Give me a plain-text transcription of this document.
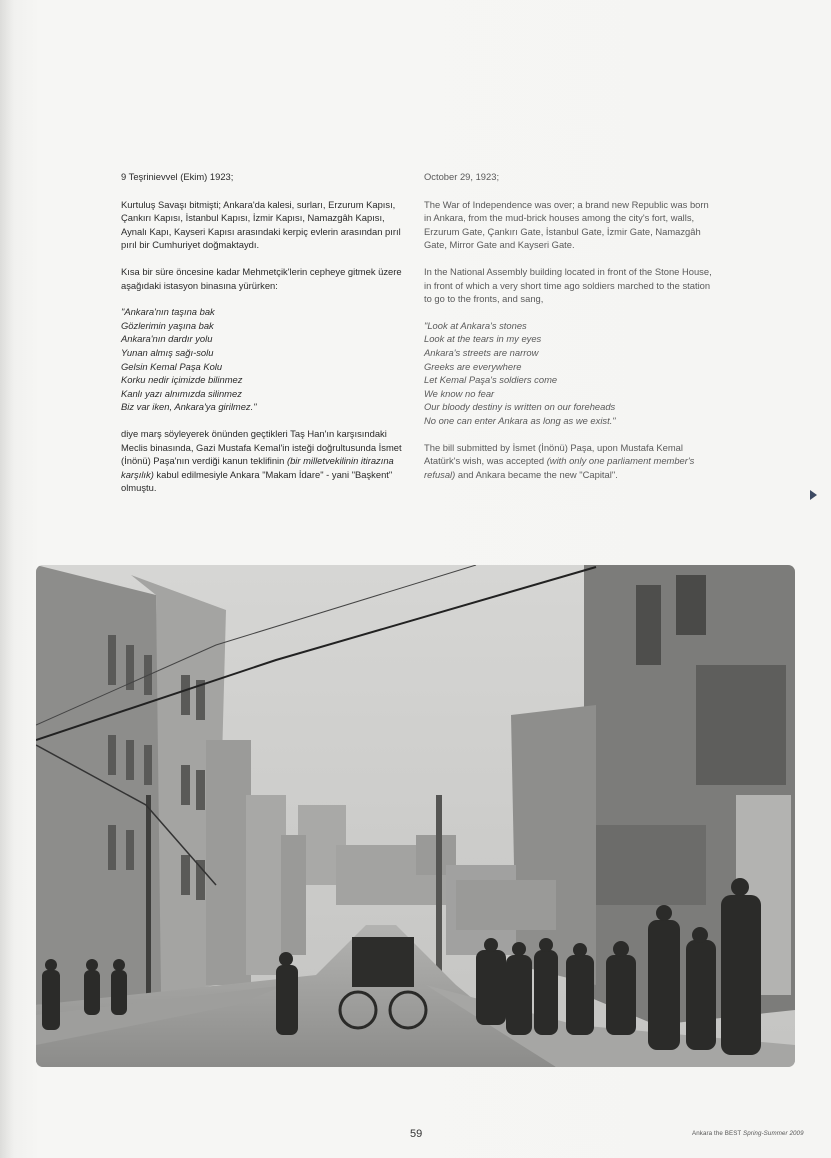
9 Teşrinievvel (Ekim) 1923;

Kurtuluş Savaşı bitmişti; Ankara'da kalesi, surları, Erzurum Kapısı, Çankırı Kapısı, İstanbul Kapısı, İzmir Kapısı, Namazgâh Kapısı, Aynalı Kapı, Kayseri Kapısı arasındaki kerpiç evlerin arasından pırıl pırıl bir Cumhuriyet doğmaktaydı.

Kısa bir süre öncesine kadar Mehmetçik'lerin cepheye gitmek üzere aşağıdaki istasyon binasına yürürken:

"Ankara'nın taşına bak
Gözlerimin yaşına bak
Ankara'nın dardır yolu
Yunan almış sağı-solu
Gelsin Kemal Paşa Kolu
Korku nedir içimizde bilinmez
Kanlı yazı alnımızda silinmez
Biz var iken, Ankara'ya girilmez."

diye marş söyleyerek önünden geçtikleri Taş Han'ın karşısındaki Meclis binasında, Gazi Mustafa Kemal'in isteği doğrultusunda İsmet (İnönü) Paşa'nın verdiği kanun teklifinin (bir milletvekilinin itirazına karşılık) kabul edilmesiyle Ankara "Makam İdare" - yani "Başkent" olmuştu.

October 29, 1923;

The War of Independence was over; a brand new Republic was born in Ankara, from the mud-brick houses among the city's fort, walls, Erzurum Gate, Çankırı Gate, İstanbul Gate, İzmir Gate, Namazgâh Gate, Mirror Gate and Kayseri Gate.

In the National Assembly building located in front of the Stone House, in front of which a very short time ago soldiers marched to the station to go to the fronts, and sang,

"Look at Ankara's stones
Look at the tears in my eyes
Ankara's streets are narrow
Greeks are everywhere
Let Kemal Paşa's soldiers come
We know no fear
Our bloody destiny is written on our foreheads
No one can enter Ankara as long as we exist."

The bill submitted by İsmet (İnönü) Paşa, upon Mustafa Kemal Atatürk's wish, was accepted (with only one parliament member's refusal) and Ankara became the new "Capital".

59	Ankara the BEST Spring-Summer 2009
